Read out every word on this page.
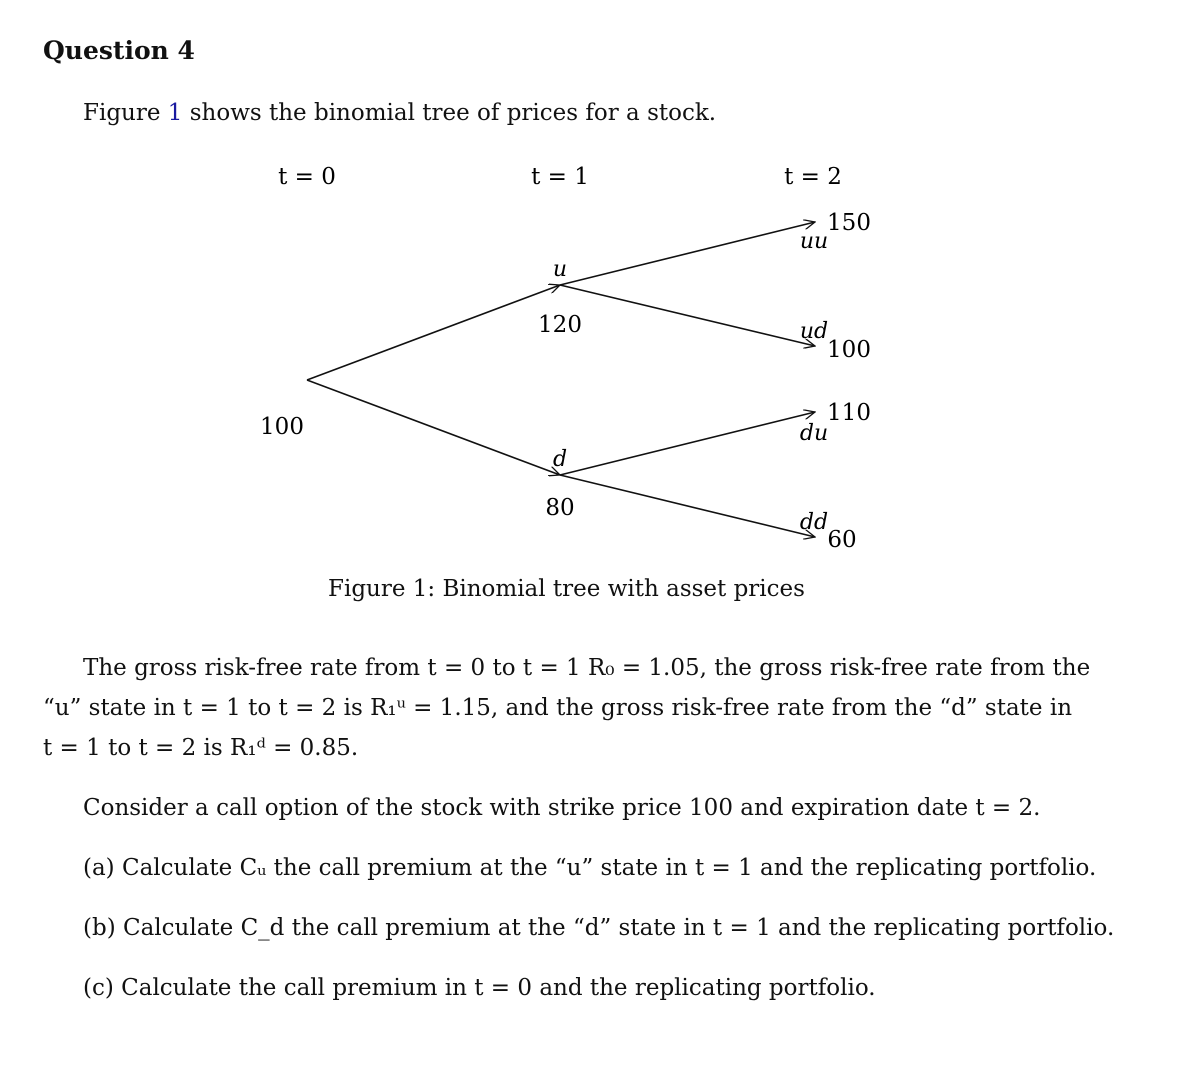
Question 4
Figure 1 shows the binomial tree of prices for a stock.
t = 0	t = 1	t = 2
100
u
120
d
80
uu
150
ud
100
du
110
dd
60
Figure 1: Binomial tree with asset prices
The gross risk-free rate from t = 0 to t = 1 R₀ = 1.05, the gross risk-free rate from the
“u” state in t = 1 to t = 2 is R₁ᵘ = 1.15, and the gross risk-free rate from the “d” state in
t = 1 to t = 2 is R₁ᵈ = 0.85.
Consider a call option of the stock with strike price 100 and expiration date t = 2.
(a) Calculate Cᵤ the call premium at the “u” state in t = 1 and the replicating portfolio.
(b) Calculate C_d the call premium at the “d” state in t = 1 and the replicating portfolio.
(c) Calculate the call premium in t = 0 and the replicating portfolio.
